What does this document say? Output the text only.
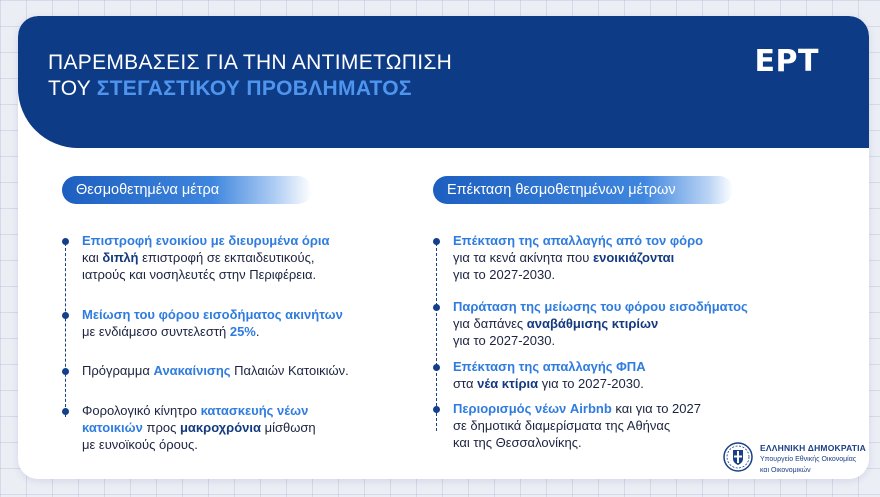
ΠΑΡΕΜΒΑΣΕΙΣ ΓΙΑ ΤΗΝ ΑΝΤΙΜΕΤΩΠΙΣΗ
ΤΟΥ ΣΤΕΓΑΣΤΙΚΟΥ ΠΡΟΒΛΗΜΑΤΟΣ
ΕΡΤ
Θεσμοθετημένα μέτρα	Επέκταση θεσμοθετημένων μέτρων
Επιστροφή ενοικίου με διευρυμένα όρια
και διπλή επιστροφή σε εκπαιδευτικούς,
ιατρούς και νοσηλευτές στην Περιφέρεια.
Μείωση του φόρου εισοδήματος ακινήτων
με ενδιάμεσο συντελεστή 25%.
Πρόγραμμα Ανακαίνισης Παλαιών Κατοικιών.
Φορολογικό κίνητρο κατασκευής νέων
κατοικιών προς μακροχρόνια μίσθωση
με ευνοϊκούς όρους.
Επέκταση της απαλλαγής από τον φόρο
για τα κενά ακίνητα που ενοικιάζονται
για το 2027-2030.
Παράταση της μείωσης του φόρου εισοδήματος
για δαπάνες αναβάθμισης κτιρίων
για το 2027-2030.
Επέκταση της απαλλαγής ΦΠΑ
στα νέα κτίρια για το 2027-2030.
Περιορισμός νέων Airbnb και για το 2027
σε δημοτικά διαμερίσματα της Αθήνας
και της Θεσσαλονίκης.	ΕΛΛΗΝΙΚΗ ΔΗΜΟΚΡΑΤΙΑ
Υπουργείο Εθνικής Οικονομίας
και Οικονομικών
